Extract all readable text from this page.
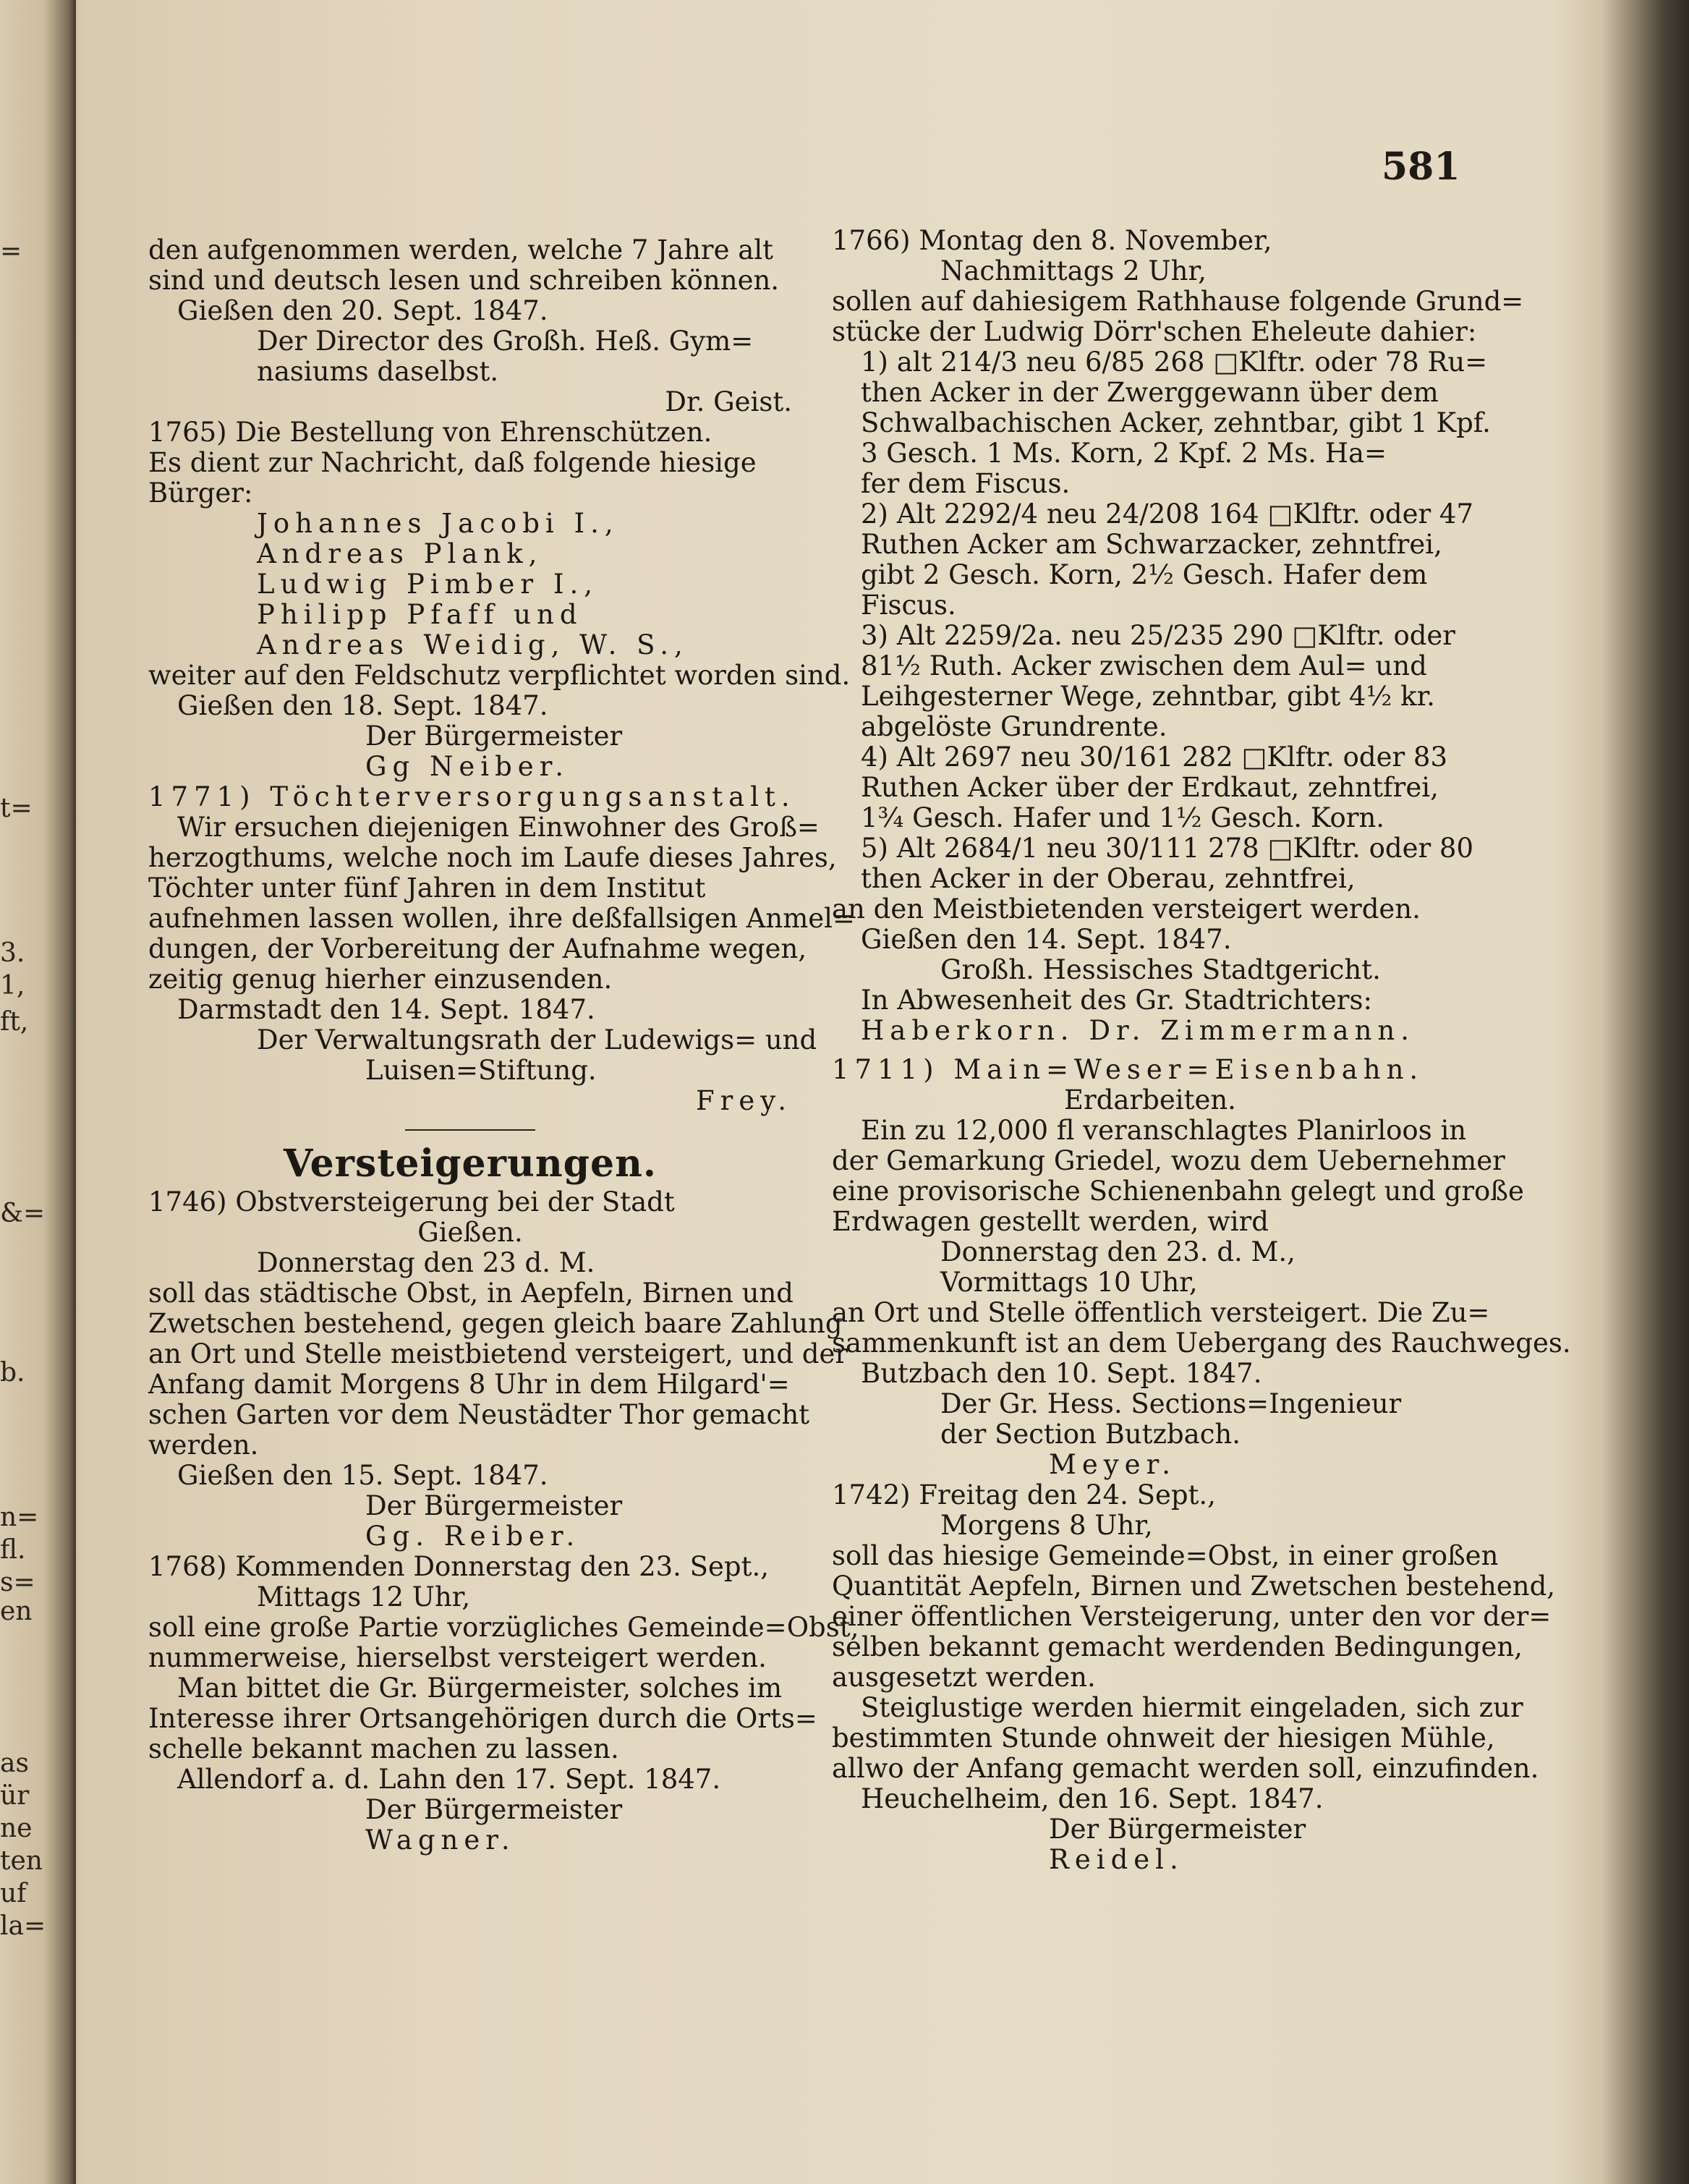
=
t=
3.
1,
ft,
&=
b.
n=
fl.
s=
en
as
ür
ne
ten
uf
la=
581

den aufgenommen werden, welche 7 Jahre alt

sind und deutsch lesen und schreiben können.

Gießen den 20. Sept. 1847.

Der Director des Großh. Heß. Gym=

nasiums daselbst.

Dr. Geist.

1765) Die Bestellung von Ehrenschützen.

Es dient zur Nachricht, daß folgende hiesige

Bürger:

Johannes Jacobi I.,

Andreas Plank,

Ludwig Pimber I.,

Philipp Pfaff und

Andreas Weidig, W. S.,

weiter auf den Feldschutz verpflichtet worden sind.

Gießen den 18. Sept. 1847.

Der Bürgermeister

Gg Neiber.

1771) Töchterversorgungsanstalt.

Wir ersuchen diejenigen Einwohner des Groß=

herzogthums, welche noch im Laufe dieses Jahres,

Töchter unter fünf Jahren in dem Institut

aufnehmen lassen wollen, ihre deßfallsigen Anmel=

dungen, der Vorbereitung der Aufnahme wegen,

zeitig genug hierher einzusenden.

Darmstadt den 14. Sept. 1847.

Der Verwaltungsrath der Ludewigs= und

Luisen=Stiftung.

Frey.

Versteigerungen.

1746) Obstversteigerung bei der Stadt

Gießen.

Donnerstag den 23 d. M.

soll das städtische Obst, in Aepfeln, Birnen und

Zwetschen bestehend, gegen gleich baare Zahlung

an Ort und Stelle meistbietend versteigert, und der

Anfang damit Morgens 8 Uhr in dem Hilgard'=

schen Garten vor dem Neustädter Thor gemacht

werden.

Gießen den 15. Sept. 1847.

Der Bürgermeister

Gg. Reiber.

1768) Kommenden Donnerstag den 23. Sept.,

Mittags 12 Uhr,

soll eine große Partie vorzügliches Gemeinde=Obst,

nummerweise, hierselbst versteigert werden.

Man bittet die Gr. Bürgermeister, solches im

Interesse ihrer Ortsangehörigen durch die Orts=

schelle bekannt machen zu lassen.

Allendorf a. d. Lahn den 17. Sept. 1847.

Der Bürgermeister

Wagner.

1766) Montag den 8. November,

Nachmittags 2 Uhr,

sollen auf dahiesigem Rathhause folgende Grund=

stücke der Ludwig Dörr'schen Eheleute dahier:

1) alt 214/3 neu 6/85 268 □Klftr. oder 78 Ru=

then Acker in der Zwerggewann über dem

Schwalbachischen Acker, zehntbar, gibt 1 Kpf.

3 Gesch. 1 Ms. Korn, 2 Kpf. 2 Ms. Ha=

fer dem Fiscus.

2) Alt 2292/4 neu 24/208 164 □Klftr. oder 47

Ruthen Acker am Schwarzacker, zehntfrei,

gibt 2 Gesch. Korn, 2½ Gesch. Hafer dem

Fiscus.

3) Alt 2259/2a. neu 25/235 290 □Klftr. oder

81½ Ruth. Acker zwischen dem Aul= und

Leihgesterner Wege, zehntbar, gibt 4½ kr.

abgelöste Grundrente.

4) Alt 2697 neu 30/161 282 □Klftr. oder 83

Ruthen Acker über der Erdkaut, zehntfrei,

1¾ Gesch. Hafer und 1½ Gesch. Korn.

5) Alt 2684/1 neu 30/111 278 □Klftr. oder 80

then Acker in der Oberau, zehntfrei,

an den Meistbietenden versteigert werden.

Gießen den 14. Sept. 1847.

Großh. Hessisches Stadtgericht.

In Abwesenheit des Gr. Stadtrichters:

Haberkorn. Dr. Zimmermann.

1711) Main=Weser=Eisenbahn.

Erdarbeiten.

Ein zu 12,000 fl veranschlagtes Planirloos in

der Gemarkung Griedel, wozu dem Uebernehmer

eine provisorische Schienenbahn gelegt und große

Erdwagen gestellt werden, wird

Donnerstag den 23. d. M.,

Vormittags 10 Uhr,

an Ort und Stelle öffentlich versteigert. Die Zu=

sammenkunft ist an dem Uebergang des Rauchweges.

Butzbach den 10. Sept. 1847.

Der Gr. Hess. Sections=Ingenieur

der Section Butzbach.

Meyer.

1742) Freitag den 24. Sept.,

Morgens 8 Uhr,

soll das hiesige Gemeinde=Obst, in einer großen

Quantität Aepfeln, Birnen und Zwetschen bestehend,

einer öffentlichen Versteigerung, unter den vor der=

selben bekannt gemacht werdenden Bedingungen,

ausgesetzt werden.

Steiglustige werden hiermit eingeladen, sich zur

bestimmten Stunde ohnweit der hiesigen Mühle,

allwo der Anfang gemacht werden soll, einzufinden.

Heuchelheim, den 16. Sept. 1847.

Der Bürgermeister

Reidel.
